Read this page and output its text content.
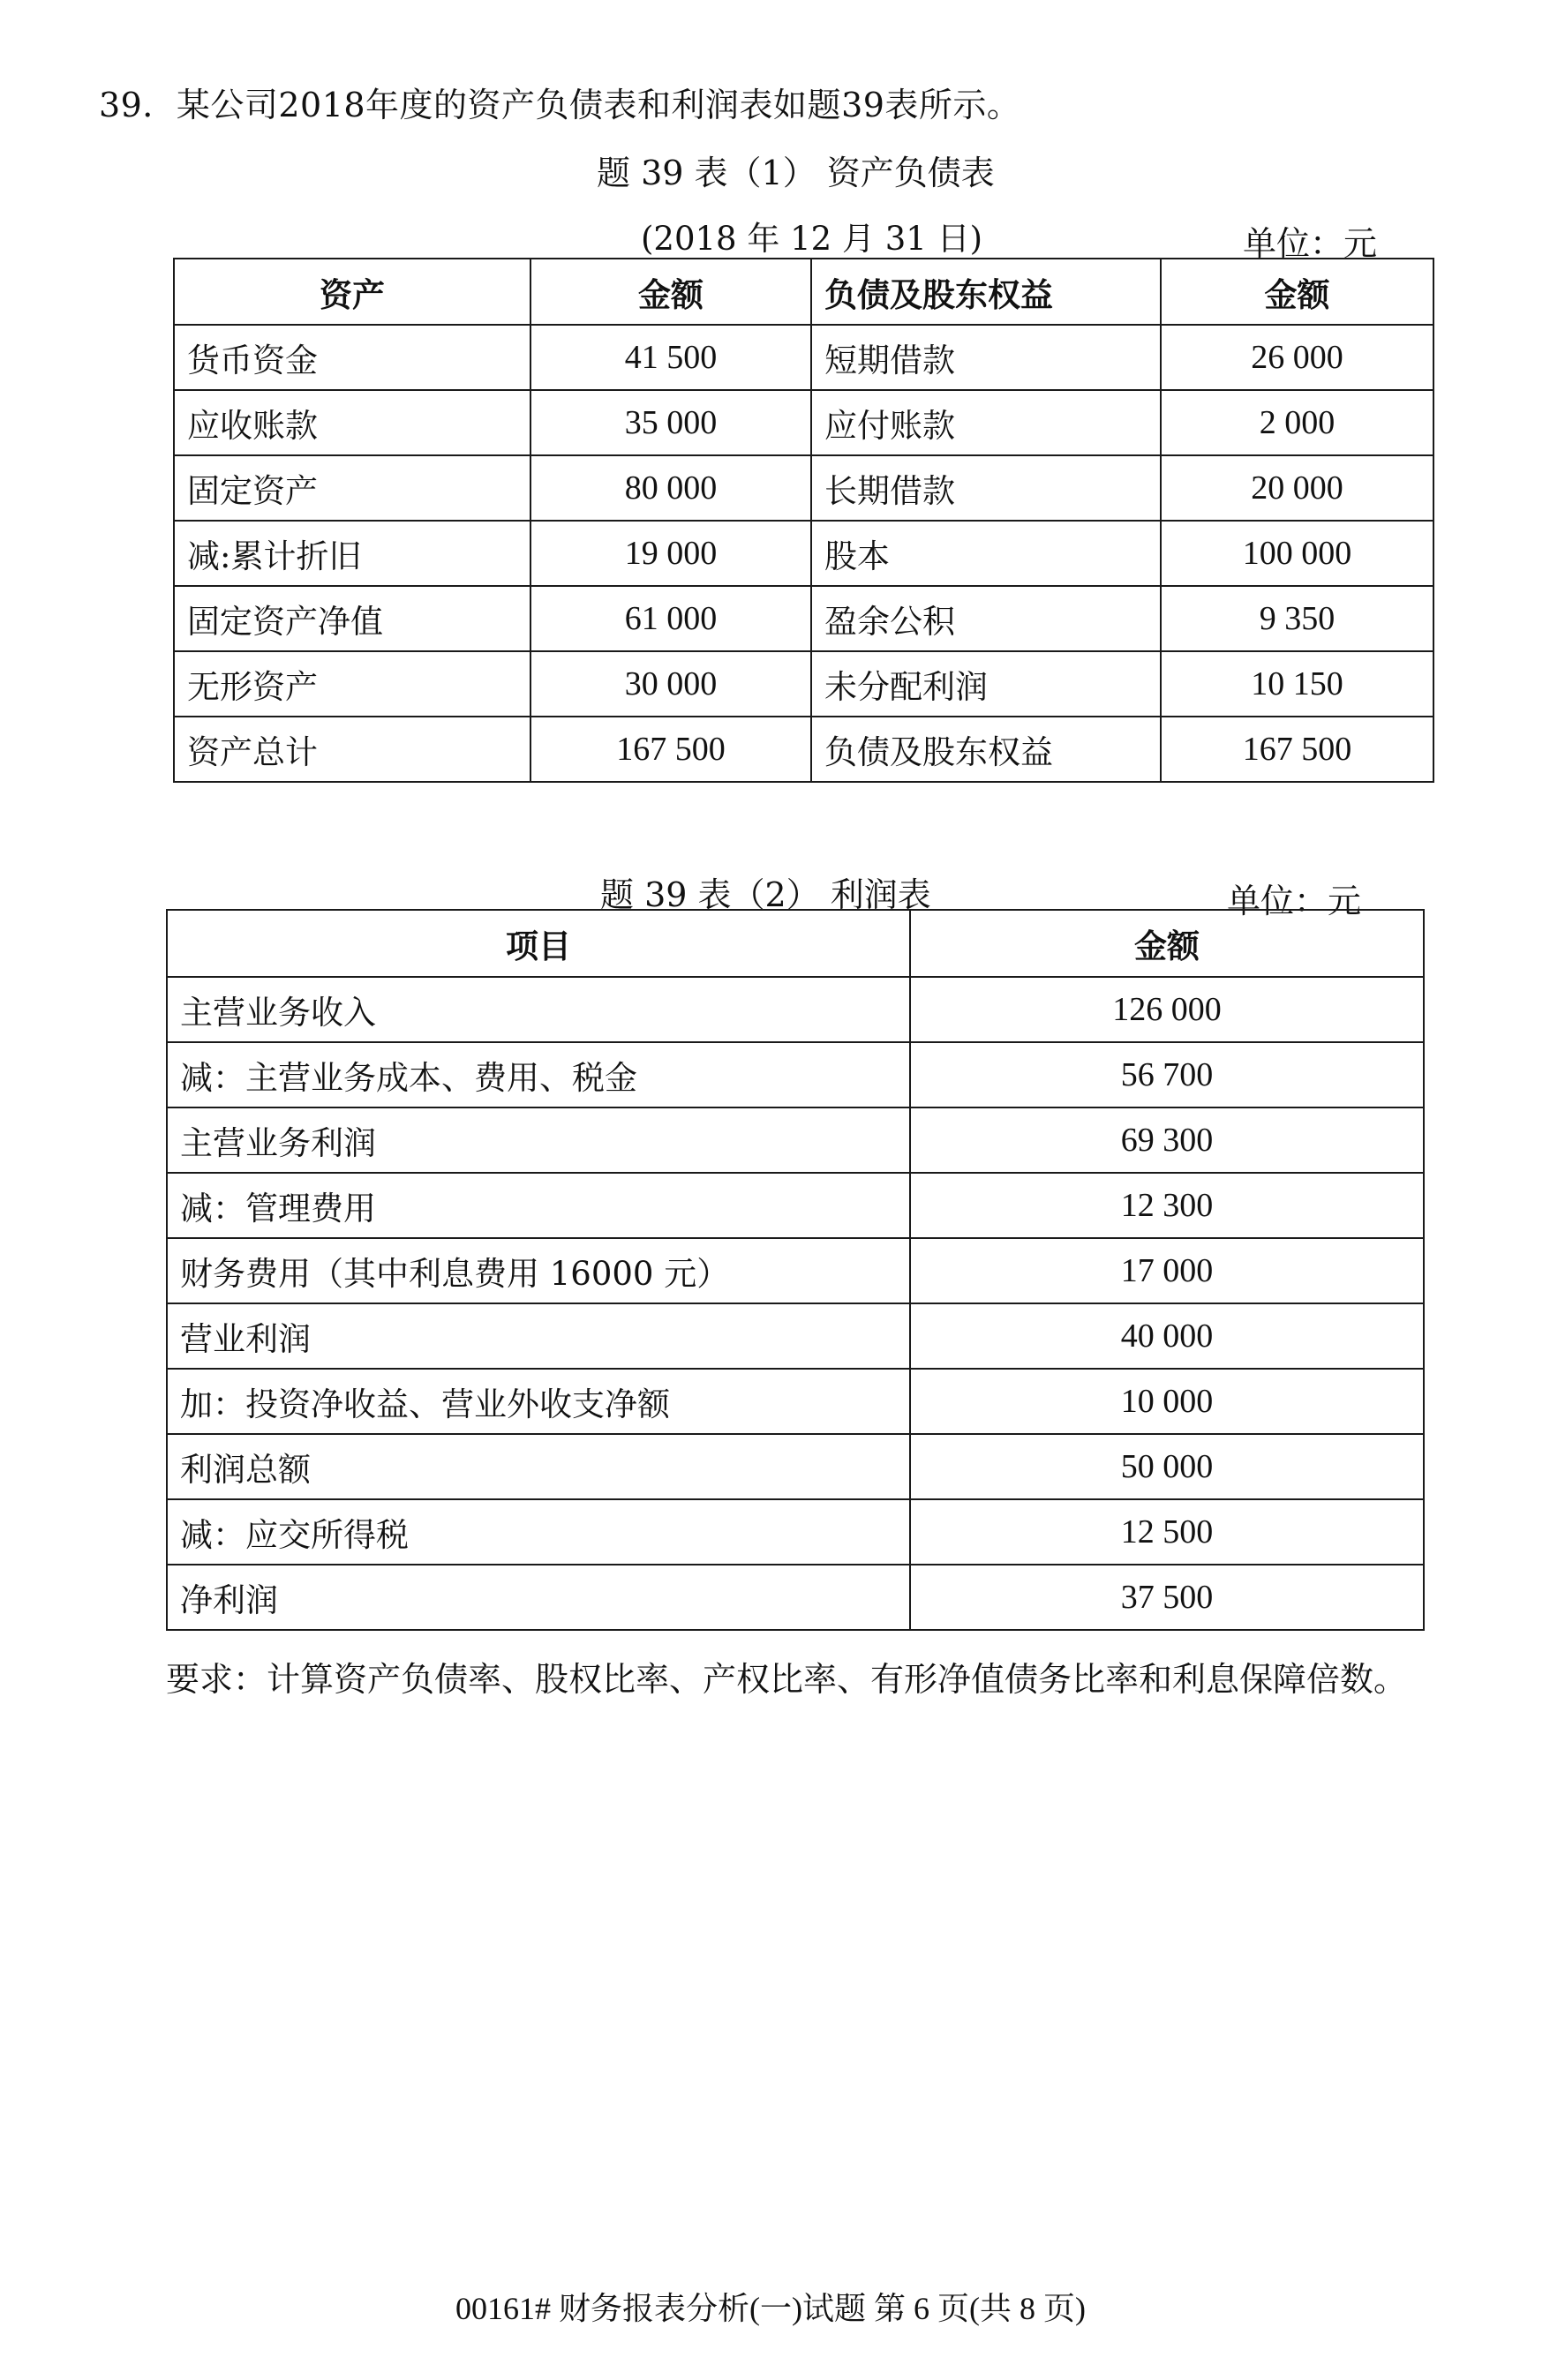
39．某公司2018年度的资产负债表和利润表如题39表所示。
题 39 表（1） 资产负债表
(2018 年 12 月 31 日)	单位：元
资产	金额	负债及股东权益	金额
货币资金	41 500	短期借款	26 000
应收账款	35 000	应付账款	2 000
固定资产	80 000	长期借款	20 000
减:累计折旧	19 000	股本	100 000
固定资产净值	61 000	盈余公积	9 350
无形资产	30 000	未分配利润	10 150
资产总计	167 500	负债及股东权益	167 500
题 39 表（2） 利润表	单位：元
项目	金额
主营业务收入	126 000
减：主营业务成本、费用、税金	56 700
主营业务利润	69 300
减：管理费用	12 300
财务费用（其中利息费用 16000 元）	17 000
营业利润	40 000
加：投资净收益、营业外收支净额	10 000
利润总额	50 000
减：应交所得税	12 500
净利润	37 500
要求：计算资产负债率、股权比率、产权比率、有形净值债务比率和利息保障倍数。
00161# 财务报表分析(一)试题 第 6 页(共 8 页)
